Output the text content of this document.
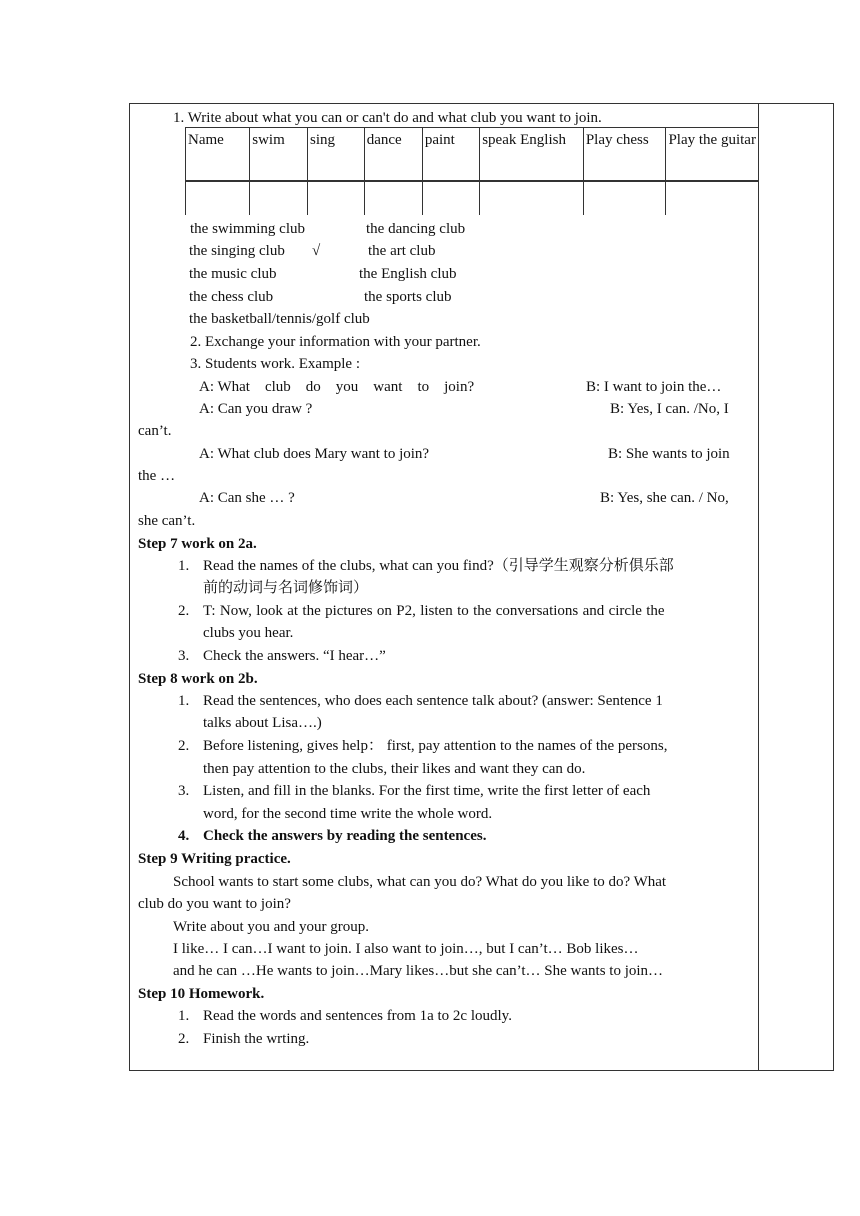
1. Write about what you can or can't do and what club you want to join.
Name	swim	sing	dance	paint	speak English	Play chess	Play the guitar

the swimming club	the dancing club
the singing club √	the art club
the music club	the English club
the chess club	the sports club
the basketball/tennis/golf club
2. Exchange your information with your partner.
3. Students work. Example :
A: What    club    do    you    want    to    join?	B: I want to join the…
A: Can you draw ?	B: Yes, I can. /No, I
can’t.
A: What club does Mary want to join?	B: She wants to join
the …
A: Can she … ?	B: Yes, she can. / No,
she can’t.
Step 7 work on 2a.
1. Read the names of the clubs, what can you find?（引导学生观察分析俱乐部
前的动词与名词修饰词）
2. T: Now, look at the pictures on P2, listen to the conversations and circle the
clubs you hear.
3. Check the answers. “I hear…”
Step 8 work on 2b.
1. Read the sentences, who does each sentence talk about? (answer: Sentence 1
talks about Lisa….)
2. Before listening, gives help： first, pay attention to the names of the persons,
then pay attention to the clubs, their likes and want they can do.
3. Listen, and fill in the blanks. For the first time, write the first letter of each
word, for the second time write the whole word.
4. Check the answers by reading the sentences.
Step 9 Writing practice.
School wants to start some clubs, what can you do? What do you like to do? What
club do you want to join?
Write about you and your group.
I like… I can…I want to join. I also want to join…, but I can’t… Bob likes…
and he can …He wants to join…Mary likes…but she can’t… She wants to join…
Step 10 Homework.
1. Read the words and sentences from 1a to 2c loudly.
2. Finish the wrting.
